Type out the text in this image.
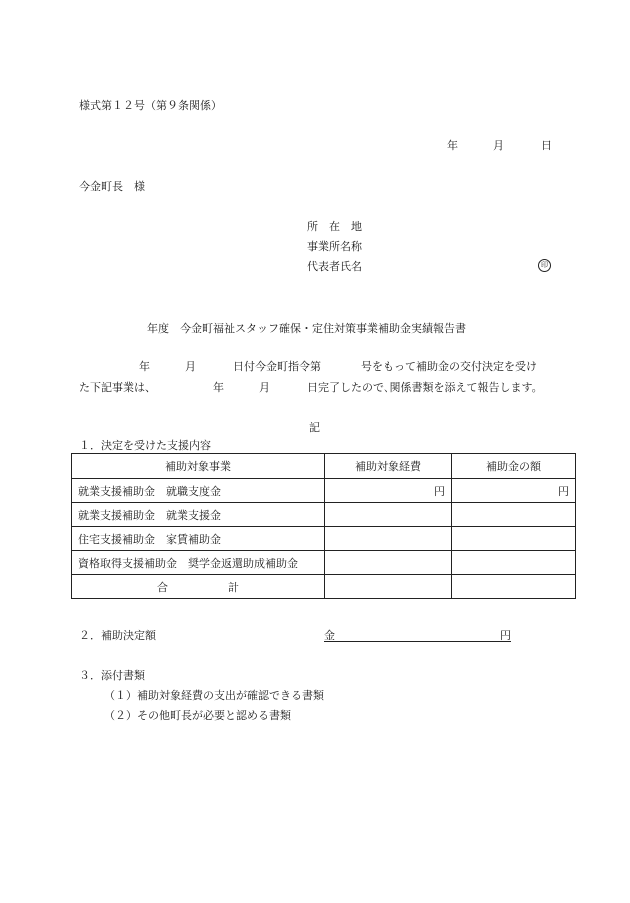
様式第１２号（第９条関係）
年	月	日
今金町長　様
所　在　地
事業所名称
代表者氏名	印
年度　今金町福祉スタッフ確保・定住対策事業補助金実績報告書
年	月	日付今金町指令第	号をもって補助金の交付決定を受け
た下記事業は、	年	月	日完了したので､関係書類を添えて報告します。
記
１．決定を受けた支援内容
補助対象事業	補助対象経費	補助金の額
就業支援補助金　就職支度金	円	円
就業支援補助金　就業支援金		
住宅支援補助金　家賃補助金		
資格取得支援補助金　奨学金返還助成補助金		
合 計		
２．補助決定額	金	円
３．添付書類
（１）補助対象経費の支出が確認できる書類
（２）その他町長が必要と認める書類
